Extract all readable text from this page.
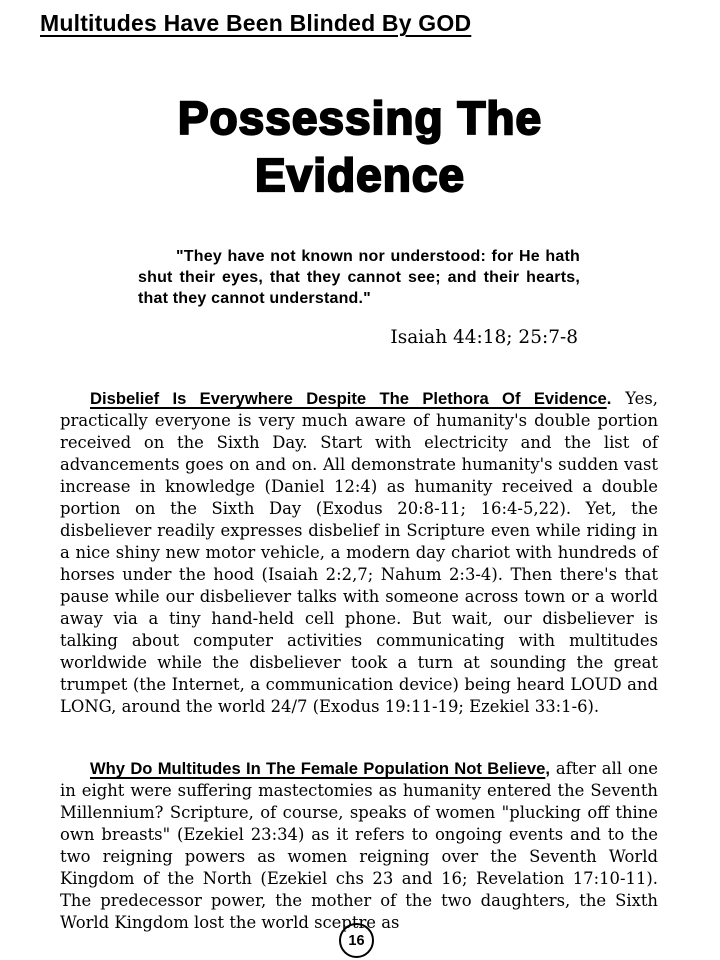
Multitudes Have Been Blinded By GOD
Possessing The
Evidence
"They have not known nor understood: for He hath shut their eyes, that they cannot see; and their hearts, that they cannot understand."
Isaiah 44:18; 25:7-8

Disbelief Is Everywhere Despite The Plethora Of Evidence. Yes, practically everyone is very much aware of humanity's double portion received on the Sixth Day. Start with electricity and the list of advancements goes on and on. All demonstrate humanity's sudden vast increase in knowledge (Daniel 12:4) as humanity received a double portion on the Sixth Day (Exodus 20:8-11; 16:4-5,22). Yet, the disbeliever readily expresses disbelief in Scripture even while riding in a nice shiny new motor vehicle, a modern day chariot with hundreds of horses under the hood (Isaiah 2:2,7; Nahum 2:3-4). Then there's that pause while our disbeliever talks with someone across town or a world away via a tiny hand-held cell phone. But wait, our disbeliever is talking about computer activities communicating with multitudes worldwide while the disbeliever took a turn at sounding the great trumpet (the Internet, a communication device) being heard LOUD and LONG, around the world 24/7 (Exodus 19:11-19; Ezekiel 33:1-6).

Why Do Multitudes In The Female Population Not Believe, after all one in eight were suffering mastectomies as humanity entered the Seventh Millennium? Scripture, of course, speaks of women "plucking off thine own breasts" (Ezekiel 23:34) as it refers to ongoing events and to the two reigning powers as women reigning over the Seventh World Kingdom of the North (Ezekiel chs 23 and 16; Revelation 17:10-11). The predecessor power, the mother of the two daughters, the Sixth World Kingdom lost the world sceptre as

16
